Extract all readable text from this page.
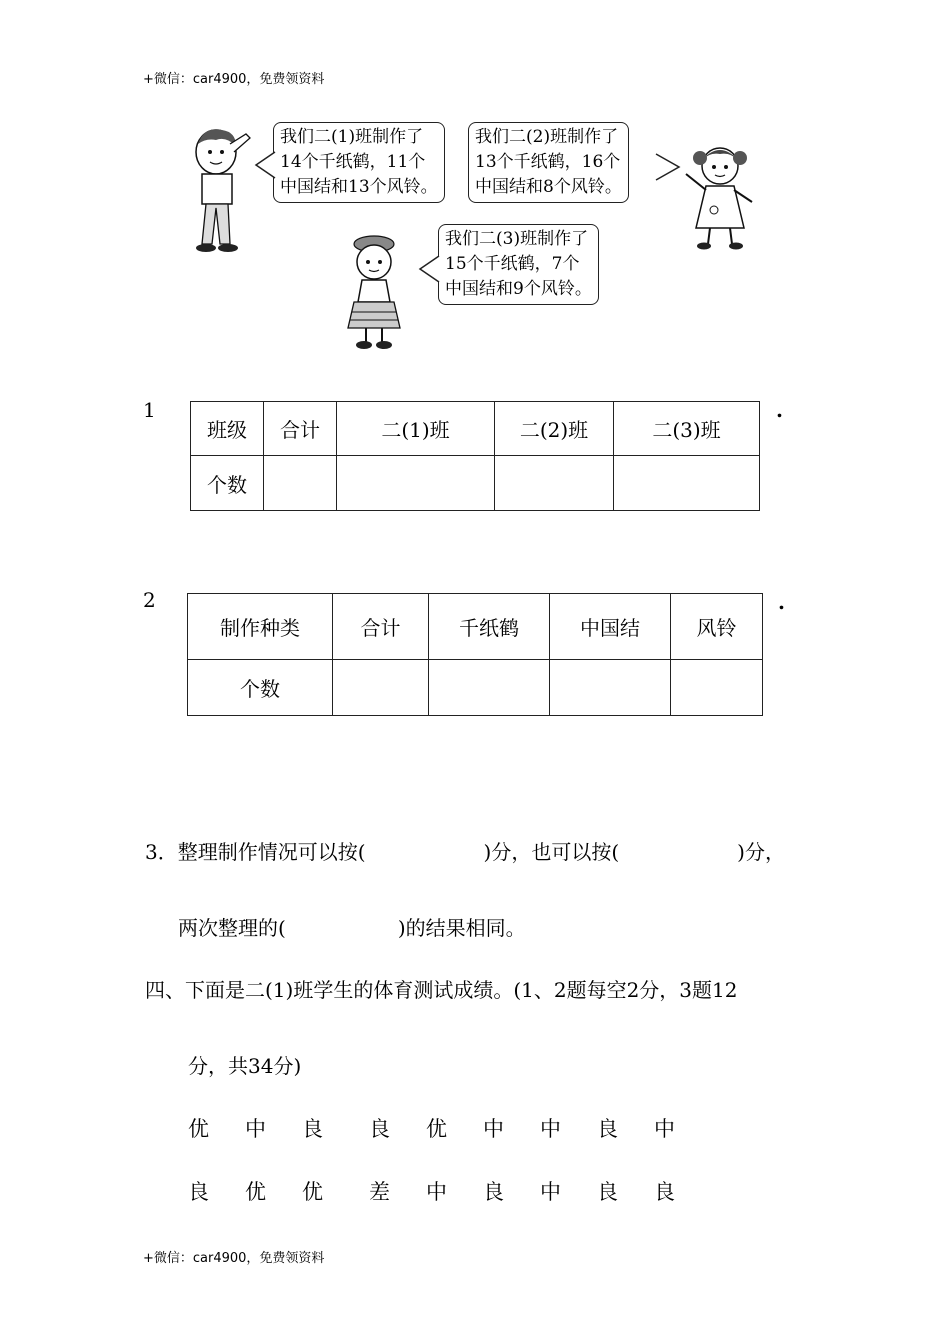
+微信：car4900，免费领资料
我们二(1)班制作了
14个千纸鹤，11个
中国结和13个风铃。
我们二(2)班制作了
13个千纸鹤，16个
中国结和8个风铃。
我们二(3)班制作了
15个千纸鹤，7个
中国结和9个风铃。
1
班级	合计	二(1)班	二(2)班	二(3)班
个数				
.
2
制作种类	合计	千纸鹤	中国结	风铃
个数				
.
3．整理制作情况可以按(	)分，也可以按(	)分，
两次整理的(	)的结果相同。
四、下面是二(1)班学生的体育测试成绩。(1、2题每空2分，3题12
分，共34分)
优	中	良	良	优	中	中	良	中
良	优	优	差	中	良	中	良	良
+微信：car4900，免费领资料
